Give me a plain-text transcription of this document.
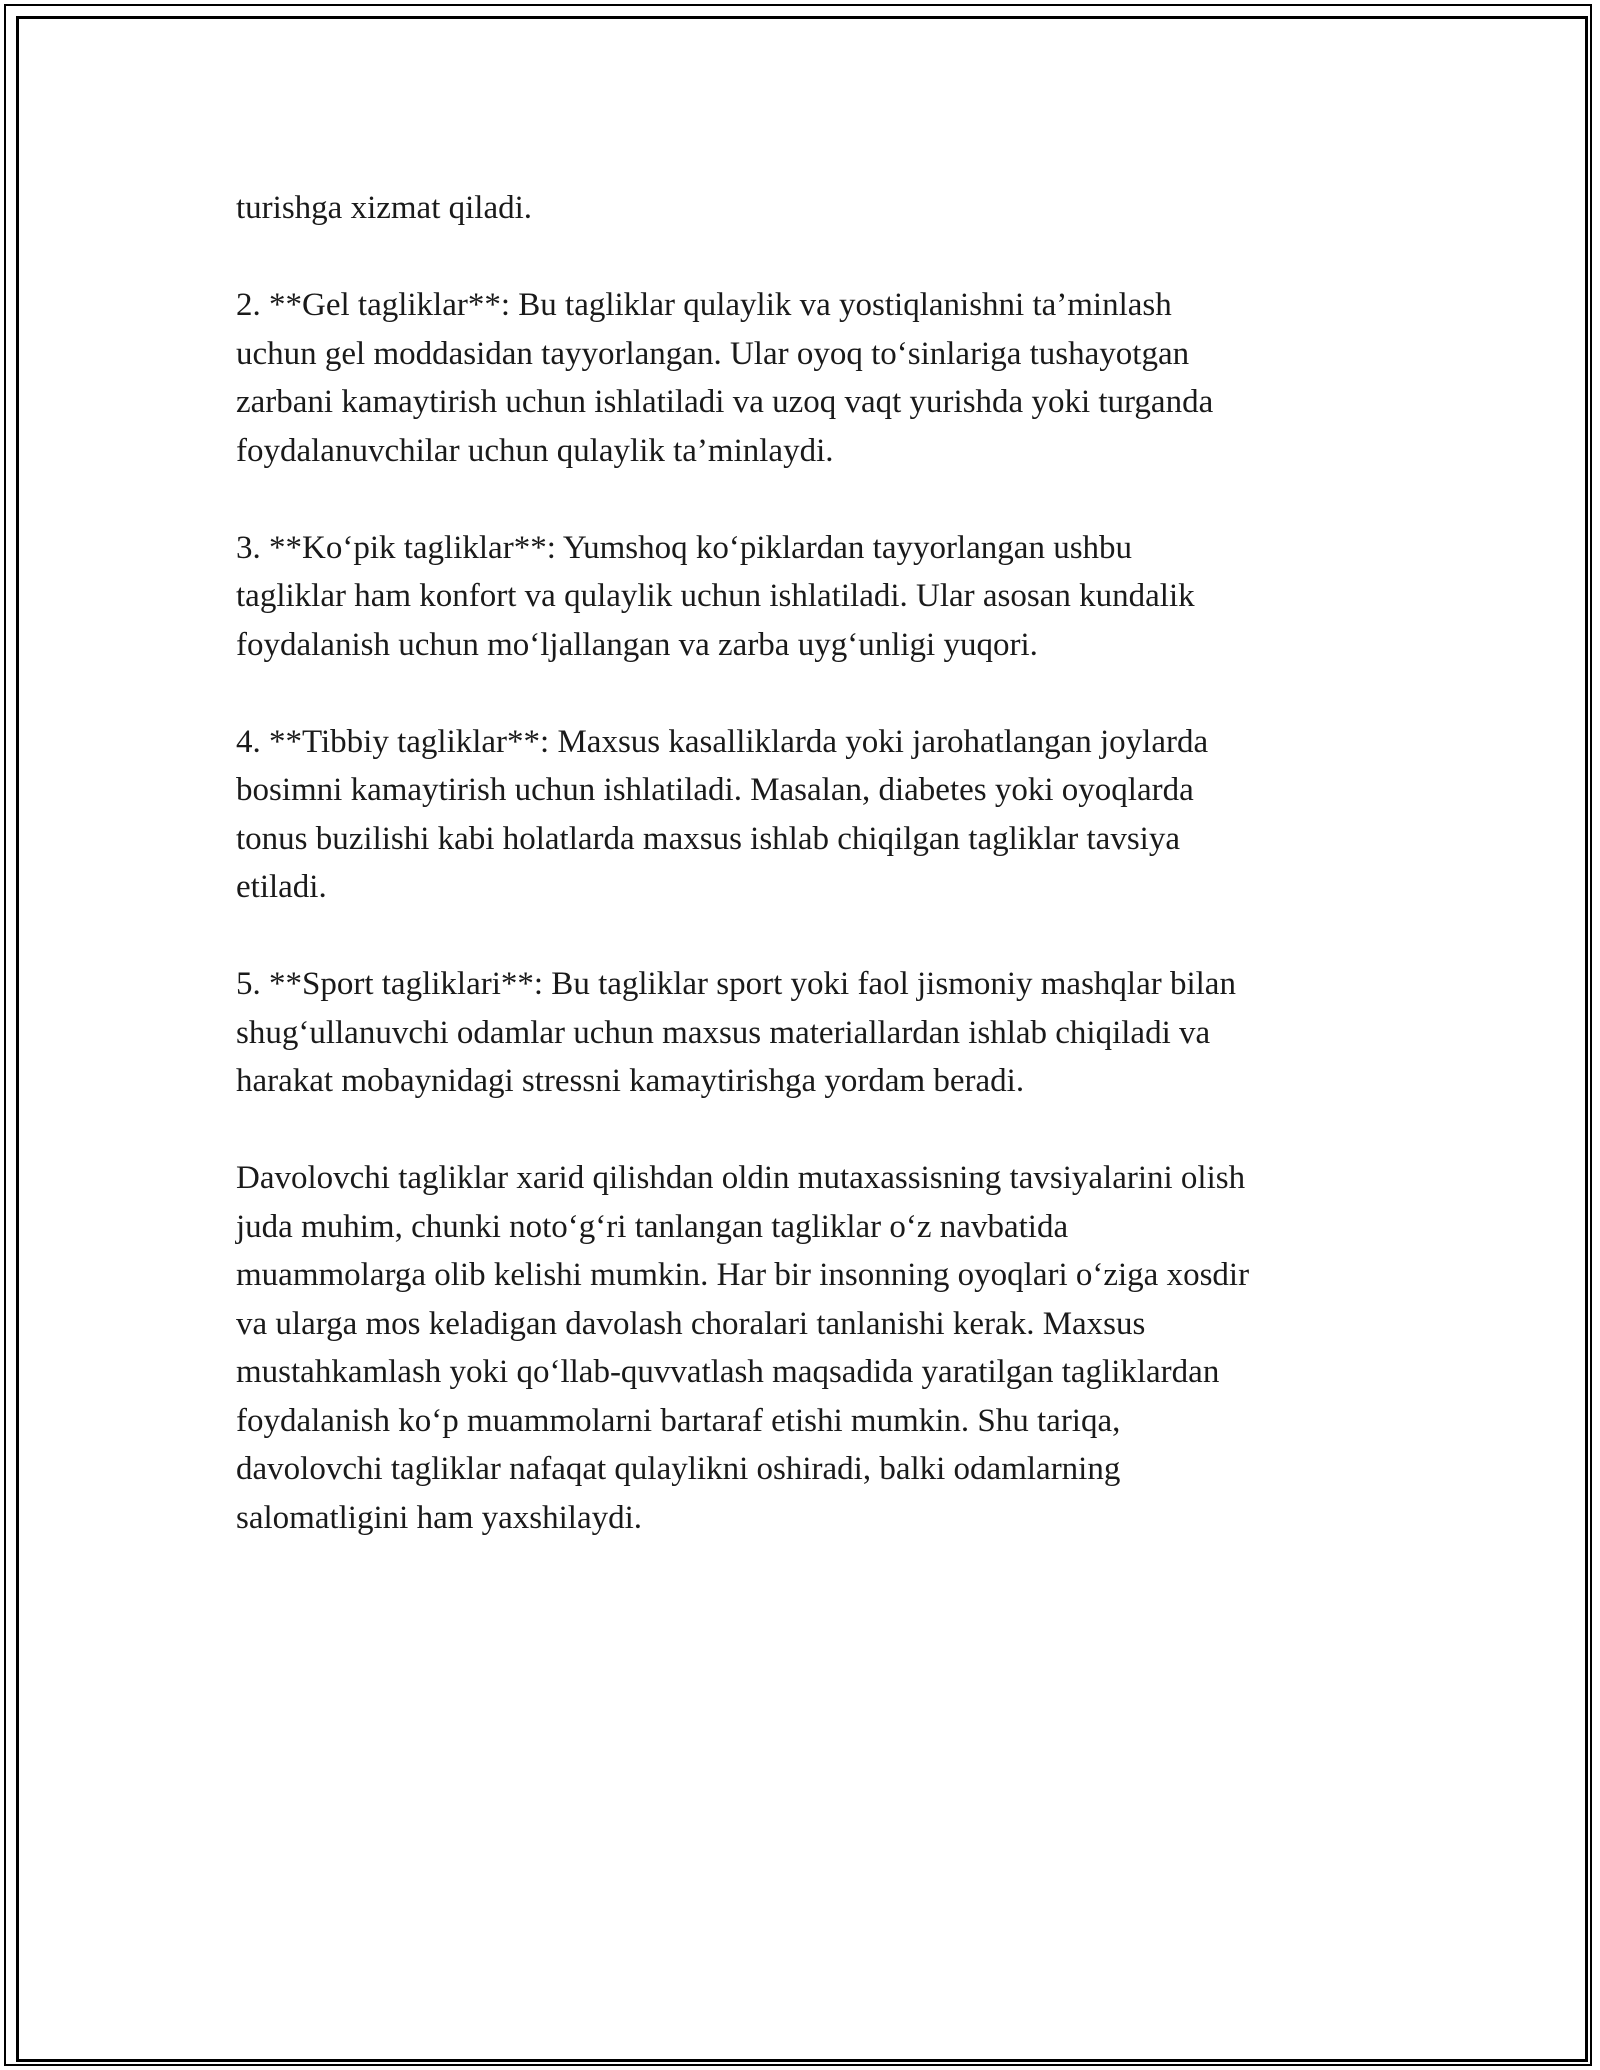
turishga xizmat qiladi.
2. **Gel tagliklar**: Bu tagliklar qulaylik va yostiqlanishni ta’minlash
uchun gel moddasidan tayyorlangan. Ular oyoq to‘sinlariga tushayotgan
zarbani kamaytirish uchun ishlatiladi va uzoq vaqt yurishda yoki turganda
foydalanuvchilar uchun qulaylik ta’minlaydi.
3. **Ko‘pik tagliklar**: Yumshoq ko‘piklardan tayyorlangan ushbu
tagliklar ham konfort va qulaylik uchun ishlatiladi. Ular asosan kundalik
foydalanish uchun mo‘ljallangan va zarba uyg‘unligi yuqori.
4. **Tibbiy tagliklar**: Maxsus kasalliklarda yoki jarohatlangan joylarda
bosimni kamaytirish uchun ishlatiladi. Masalan, diabetes yoki oyoqlarda
tonus buzilishi kabi holatlarda maxsus ishlab chiqilgan tagliklar tavsiya
etiladi.
5. **Sport tagliklari**: Bu tagliklar sport yoki faol jismoniy mashqlar bilan
shug‘ullanuvchi odamlar uchun maxsus materiallardan ishlab chiqiladi va
harakat mobaynidagi stressni kamaytirishga yordam beradi.
Davolovchi tagliklar xarid qilishdan oldin mutaxassisning tavsiyalarini olish
juda muhim, chunki noto‘g‘ri tanlangan tagliklar o‘z navbatida
muammolarga olib kelishi mumkin. Har bir insonning oyoqlari o‘ziga xosdir
va ularga mos keladigan davolash choralari tanlanishi kerak. Maxsus
mustahkamlash yoki qo‘llab-quvvatlash maqsadida yaratilgan tagliklardan
foydalanish ko‘p muammolarni bartaraf etishi mumkin. Shu tariqa,
davolovchi tagliklar nafaqat qulaylikni oshiradi, balki odamlarning
salomatligini ham yaxshilaydi.
